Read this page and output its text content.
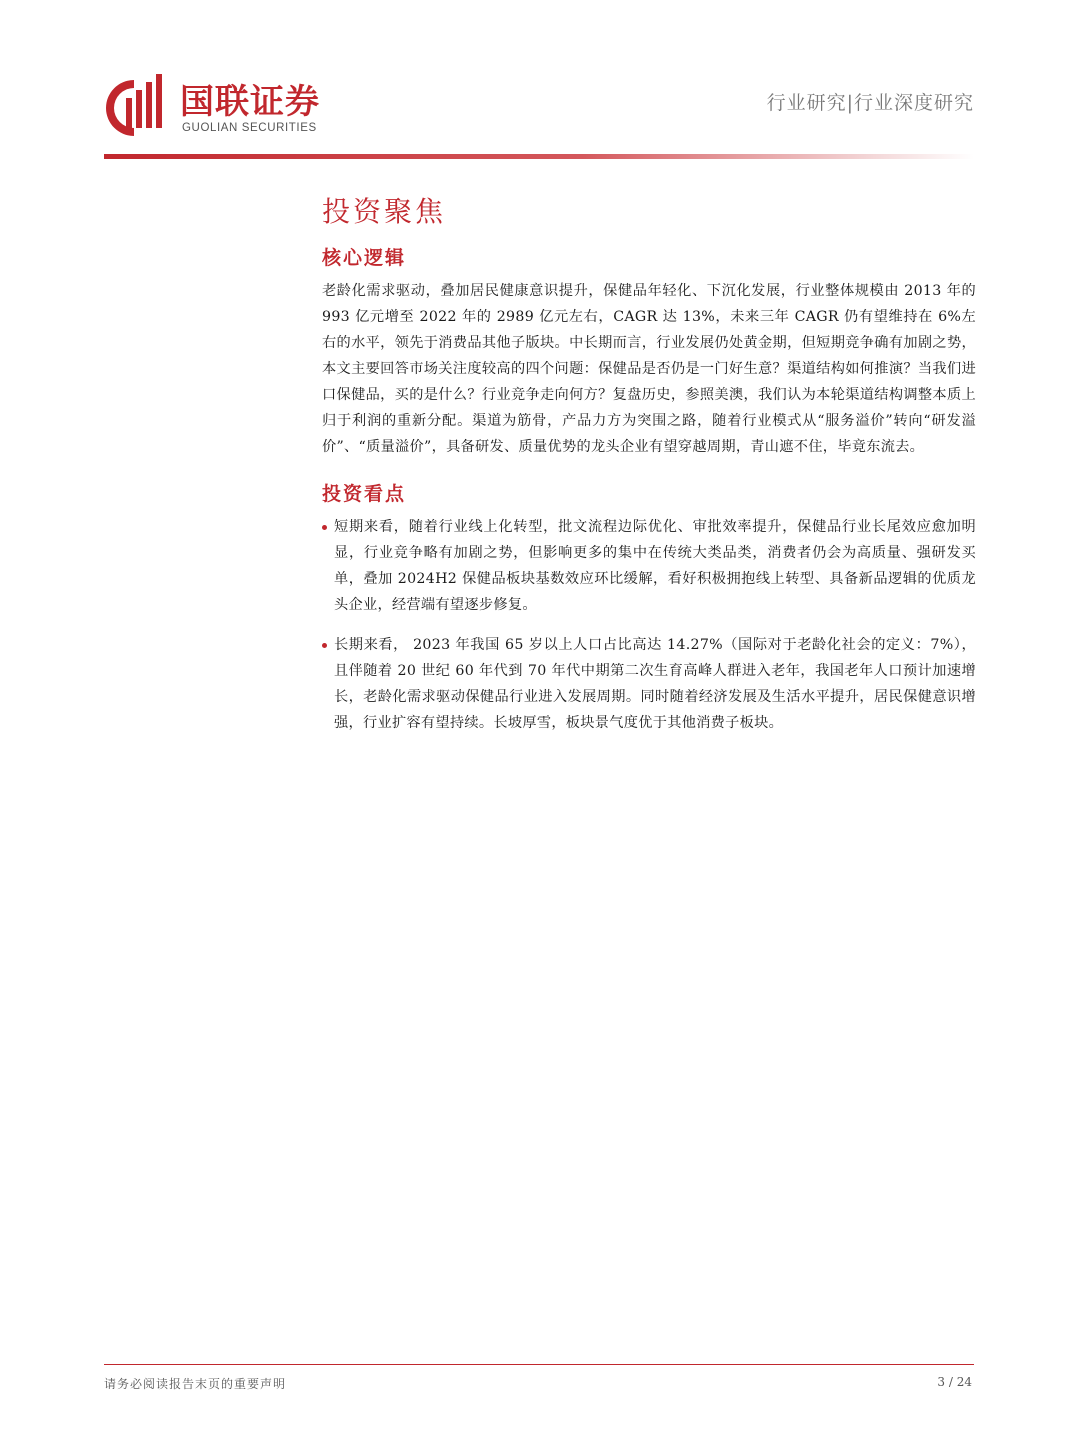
国联证券
GUOLIAN SECURITIES
行业研究|行业深度研究
投资聚焦
核心逻辑

老龄化需求驱动，叠加居民健康意识提升，保健品年轻化、下沉化发展，行业整体规模由 2013 年的 993 亿元增至 2022 年的 2989 亿元左右，CAGR 达 13%，未来三年 CAGR 仍有望维持在 6%左右的水平，领先于消费品其他子版块。中长期而言，行业发展仍处黄金期，但短期竞争确有加剧之势，本文主要回答市场关注度较高的四个问题：保健品是否仍是一门好生意？渠道结构如何推演？当我们进口保健品，买的是什么？行业竞争走向何方？复盘历史，参照美澳，我们认为本轮渠道结构调整本质上归于利润的重新分配。渠道为筋骨，产品力方为突围之路，随着行业模式从“服务溢价”转向“研发溢价”、“质量溢价”，具备研发、质量优势的龙头企业有望穿越周期，青山遮不住，毕竟东流去。

投资看点
短期来看，随着行业线上化转型，批文流程边际优化、审批效率提升，保健品行业长尾效应愈加明显，行业竞争略有加剧之势，但影响更多的集中在传统大类品类，消费者仍会为高质量、强研发买单，叠加 2024H2 保健品板块基数效应环比缓解，看好积极拥抱线上转型、具备新品逻辑的优质龙头企业，经营端有望逐步修复。
长期来看， 2023 年我国 65 岁以上人口占比高达 14.27%（国际对于老龄化社会的定义：7%），且伴随着 20 世纪 60 年代到 70 年代中期第二次生育高峰人群进入老年，我国老年人口预计加速增长，老龄化需求驱动保健品行业进入发展周期。同时随着经济发展及生活水平提升，居民保健意识增强，行业扩容有望持续。长坡厚雪，板块景气度优于其他消费子板块。
请务必阅读报告末页的重要声明	3 / 24
